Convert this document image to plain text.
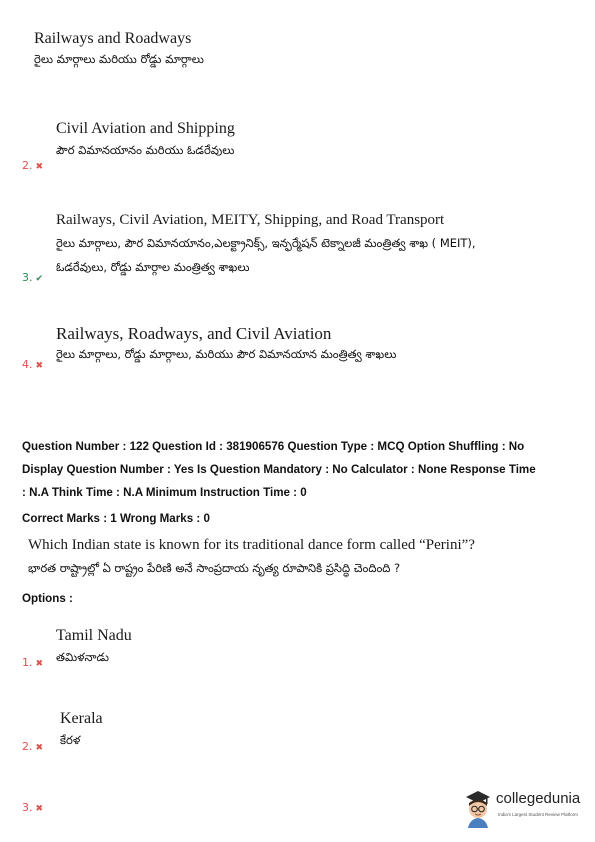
Railways and Roadways
రైలు మార్గాలు మరియు రోడ్డు మార్గాలు
Civil Aviation and Shipping
పౌర విమానయానం మరియు ఓడరేవులు
2. ✖
Railways, Civil Aviation, MEITY, Shipping, and Road Transport
రైలు మార్గాలు, పౌర విమానయానం,ఎలక్ట్రానిక్స్, ఇన్ఫర్మేషన్ టెక్నాలజీ మంత్రిత్వ శాఖ ( MEIT),
ఓడరేవులు, రోడ్డు మార్గాల మంత్రిత్వ శాఖలు
3. ✔
Railways, Roadways, and Civil Aviation
రైలు మార్గాలు, రోడ్డు మార్గాలు, మరియు పౌర విమానయాన మంత్రిత్వ శాఖలు
4. ✖
Question Number : 122 Question Id : 381906576 Question Type : MCQ Option Shuffling : No
Display Question Number : Yes Is Question Mandatory : No Calculator : None Response Time
: N.A Think Time : N.A Minimum Instruction Time : 0
Correct Marks : 1 Wrong Marks : 0
Which Indian state is known for its traditional dance form called “Perini”?
భారత రాష్ట్రాల్లో ఏ రాష్ట్రం పేరిణి అనే సాంప్రదాయ నృత్య రూపానికి ప్రసిద్ధి చెందింది ?
Options :
Tamil Nadu
తమిళనాడు
1. ✖
Kerala
కేరళ
2. ✖
3. ✖
collegedunia
India's Largest Student Review Platform
